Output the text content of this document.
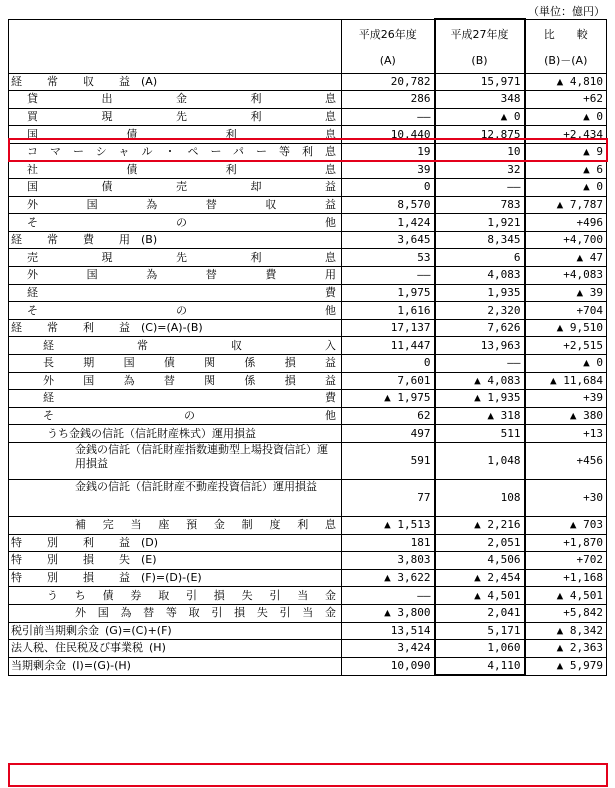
（単位：億円）
	平成26年度	平成27年度	比　　較
	(A)	(B)	(B)－(A)

経常収益 (A)	20,782	15,971	▲ 4,810

貸出金利息	286	348	+62

買現先利息	――	▲ 0	▲ 0

国債利息	10,440	12,875	+2,434

コマーシャル・ペーパー等利息	19	10	▲ 9

社債利息	39	32	▲ 6

国債売却益	0	――	▲ 0

外国為替収益	8,570	783	▲ 7,787

その他	1,424	1,921	+496

経常費用 (B)	3,645	8,345	+4,700

売現先利息	53	6	▲ 47

外国為替費用	――	4,083	+4,083

経費	1,975	1,935	▲ 39

その他	1,616	2,320	+704

経常利益 (C)=(A)-(B)	17,137	7,626	▲ 9,510

経常収入	11,447	13,963	+2,515

長期国債関係損益	0	――	▲ 0

外国為替関係損益	7,601	▲ 4,083	▲ 11,684

経費	▲ 1,975	▲ 1,935	+39

その他	62	▲ 318	▲ 380

うち金銭の信託（信託財産株式）運用損益	497	511	+13

金銭の信託（信託財産指数連動型上場投資信託）運用損益	591	1,048	+456

金銭の信託（信託財産不動産投資信託）運用損益	77	108	+30

補完当座預金制度利息	▲ 1,513	▲ 2,216	▲ 703

特別利益 (D)	181	2,051	+1,870

特別損失 (E)	3,803	4,506	+702

特別損益 (F)=(D)-(E)	▲ 3,622	▲ 2,454	+1,168

うち債券取引損失引当金	――	▲ 4,501	▲ 4,501

外国為替等取引損失引当金	▲ 3,800	2,041	+5,842

税引前当期剰余金 (G)=(C)+(F)	13,514	5,171	▲ 8,342

法人税、住民税及び事業税 (H)	3,424	1,060	▲ 2,363

当期剰余金 (I)=(G)-(H)	10,090	4,110	▲ 5,979
